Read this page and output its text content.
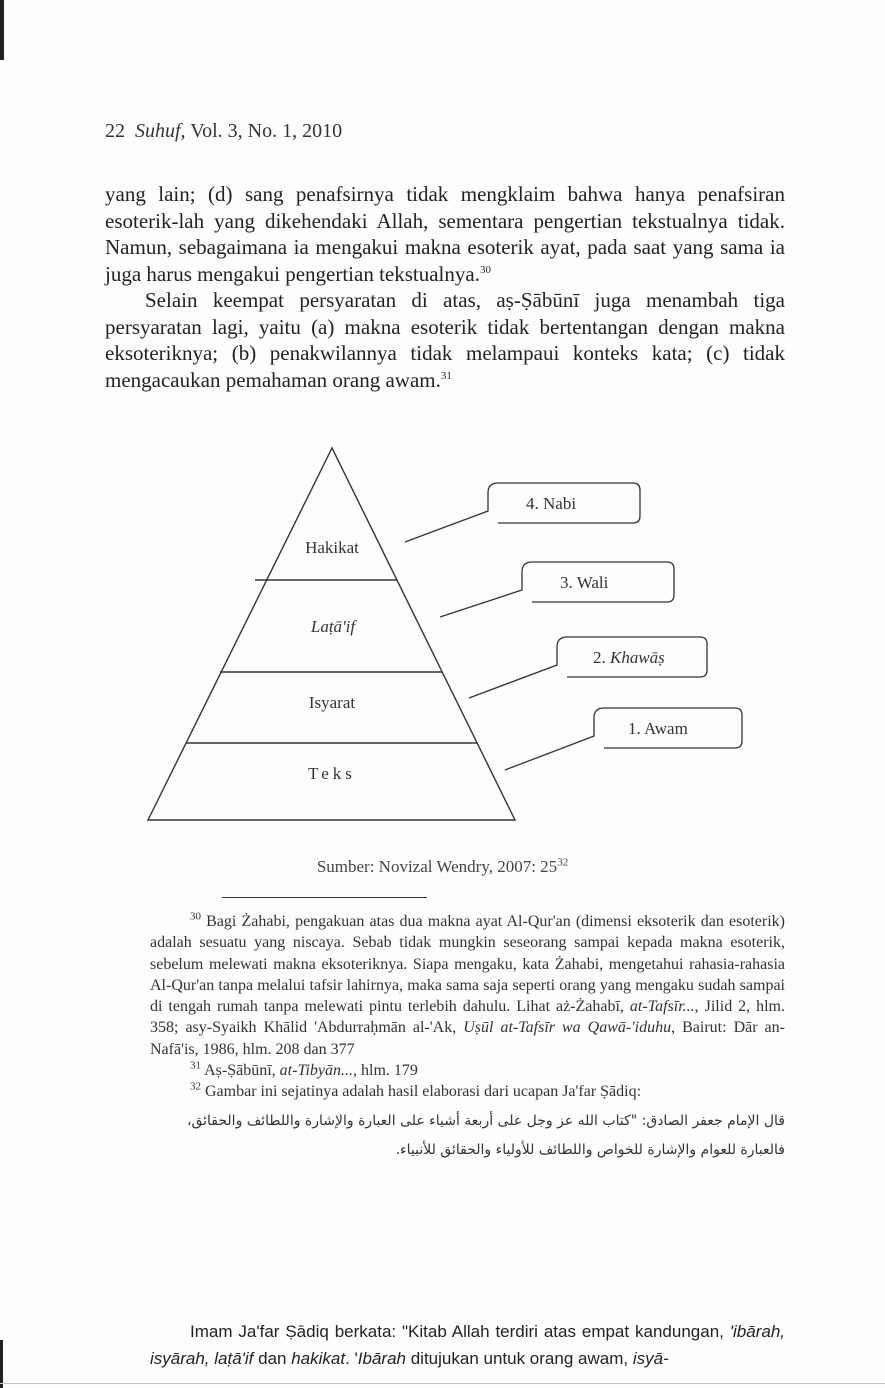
22 Suhuf, Vol. 3, No. 1, 2010

yang lain; (d) sang penafsirnya tidak mengklaim bahwa hanya penafsiran esoterik-lah yang dikehendaki Allah, sementara pengertian tekstualnya tidak. Namun, sebagaimana ia mengakui makna esoterik ayat, pada saat yang sama ia juga harus mengakui pengertian tekstualnya.$^{30}$

Selain keempat persyaratan di atas, aṣ-Ṣābūnī juga menambah tiga persyaratan lagi, yaitu (a) makna esoterik tidak bertentangan dengan makna eksoteriknya; (b) penakwilannya tidak melampaui konteks kata; (c) tidak mengacaukan pemahaman orang awam.$^{31}$

Hakikat
Laṭā'if
Isyarat
Teks
4. Nabi
3. Wali
2. Khawāṣ
1. Awam
Sumber: Novizal Wendry, 2007: $25^{32}$

$^{30}$ Bagi Żahabi, pengakuan atas dua makna ayat Al-Qur'an (dimensi eksoterik dan esoterik) adalah sesuatu yang niscaya. Sebab tidak mungkin seseorang sampai kepada makna esoterik, sebelum melewati makna eksoteriknya. Siapa mengaku, kata Żahabi, mengetahui rahasia-rahasia Al-Qur'an tanpa melalui tafsir lahirnya, maka sama saja seperti orang yang mengaku sudah sampai di tengah rumah tanpa melewati pintu terlebih dahulu. Lihat aż-Żahabī, at-Tafsīr..., Jilid 2, hlm. 358; asy-Syaikh Khālid 'Abdurraḥmān al-'Ak, Uṣūl at-Tafsīr wa Qawā-'iduhu, Bairut: Dār an-Nafā'is, 1986, hlm. 208 dan 377

$^{31}$ Aṣ-Ṣābūnī, at-Tibyān..., hlm. 179

$^{32}$ Gambar ini sejatinya adalah hasil elaborasi dari ucapan Ja'far Ṣādiq:

قال الإمام جعفر الصادق: "كتاب الله عز وجل على أربعة أشياء على العبارة والإشارة واللطائف والحقائق،

فالعبارة للعوام والإشارة للخواص واللطائف للأولياء والحقائق للأنبياء.

Imam Ja'far Ṣādiq berkata: "Kitab Allah terdiri atas empat kandungan, 'ibārah, isyārah, laṭā'if dan hakikat. 'Ibārah ditujukan untuk orang awam, isyā-
